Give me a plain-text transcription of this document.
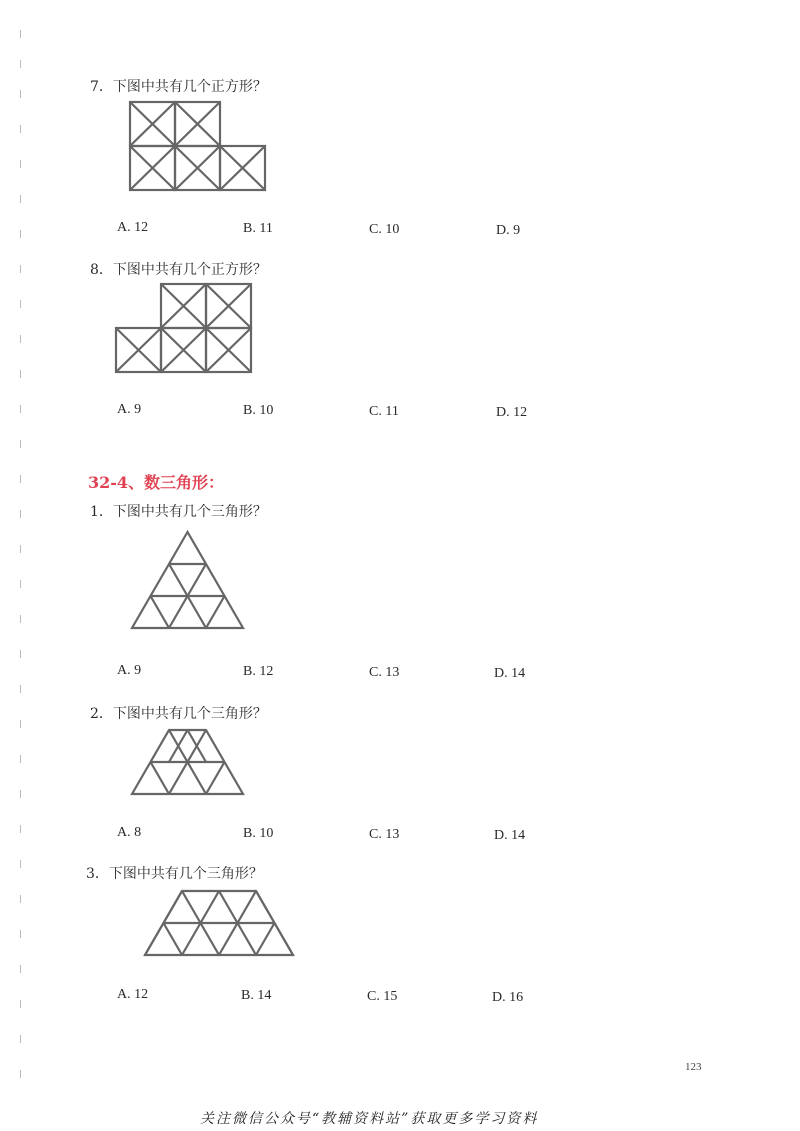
7．下图中共有几个正方形？
A. 12	B. 11	C. 10	D. 9
8．下图中共有几个正方形？
A. 9	B. 10	C. 11	D. 12
32-4、数三角形：
1．下图中共有几个三角形？
A. 9	B. 12	C. 13	D. 14
2．下图中共有几个三角形？
A. 8	B. 10	C. 13	D. 14
3．下图中共有几个三角形？
A. 12	B. 14	C. 15	D. 16
123
关注微信公众号“教辅资料站”获取更多学习资料
